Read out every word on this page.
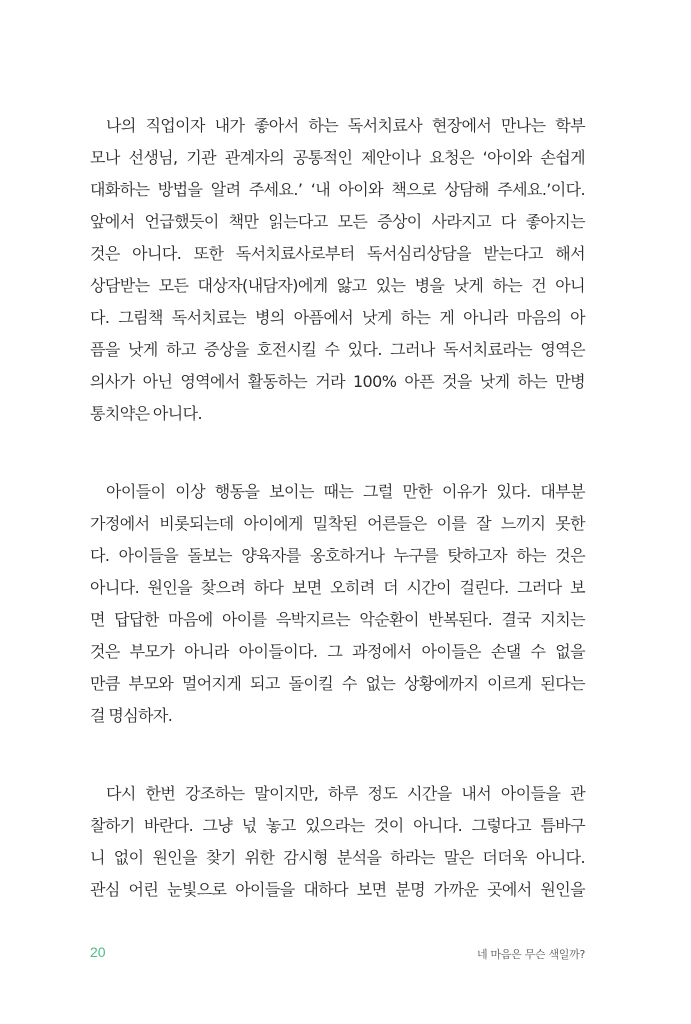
나의 직업이자 내가 좋아서 하는 독서치료사 현장에서 만나는 학부
모나 선생님, 기관 관계자의 공통적인 제안이나 요청은 ‘아이와 손쉽게
대화하는 방법을 알려 주세요.’ ‘내 아이와 책으로 상담해 주세요.’이다.
앞에서 언급했듯이 책만 읽는다고 모든 증상이 사라지고 다 좋아지는
것은 아니다. 또한 독서치료사로부터 독서심리상담을 받는다고 해서
상담받는 모든 대상자(내담자)에게 앓고 있는 병을 낫게 하는 건 아니
다. 그림책 독서치료는 병의 아픔에서 낫게 하는 게 아니라 마음의 아
픔을 낫게 하고 증상을 호전시킬 수 있다. 그러나 독서치료라는 영역은
의사가 아닌 영역에서 활동하는 거라 100% 아픈 것을 낫게 하는 만병
통치약은 아니다.
아이들이 이상 행동을 보이는 때는 그럴 만한 이유가 있다. 대부분
가정에서 비롯되는데 아이에게 밀착된 어른들은 이를 잘 느끼지 못한
다. 아이들을 돌보는 양육자를 옹호하거나 누구를 탓하고자 하는 것은
아니다. 원인을 찾으려 하다 보면 오히려 더 시간이 걸린다. 그러다 보
면 답답한 마음에 아이를 윽박지르는 악순환이 반복된다. 결국 지치는
것은 부모가 아니라 아이들이다. 그 과정에서 아이들은 손댈 수 없을
만큼 부모와 멀어지게 되고 돌이킬 수 없는 상황에까지 이르게 된다는
걸 명심하자.
다시 한번 강조하는 말이지만, 하루 정도 시간을 내서 아이들을 관
찰하기 바란다. 그냥 넋 놓고 있으라는 것이 아니다. 그렇다고 틈바구
니 없이 원인을 찾기 위한 감시형 분석을 하라는 말은 더더욱 아니다.
관심 어린 눈빛으로 아이들을 대하다 보면 분명 가까운 곳에서 원인을
20	네 마음은 무슨 색일까?
